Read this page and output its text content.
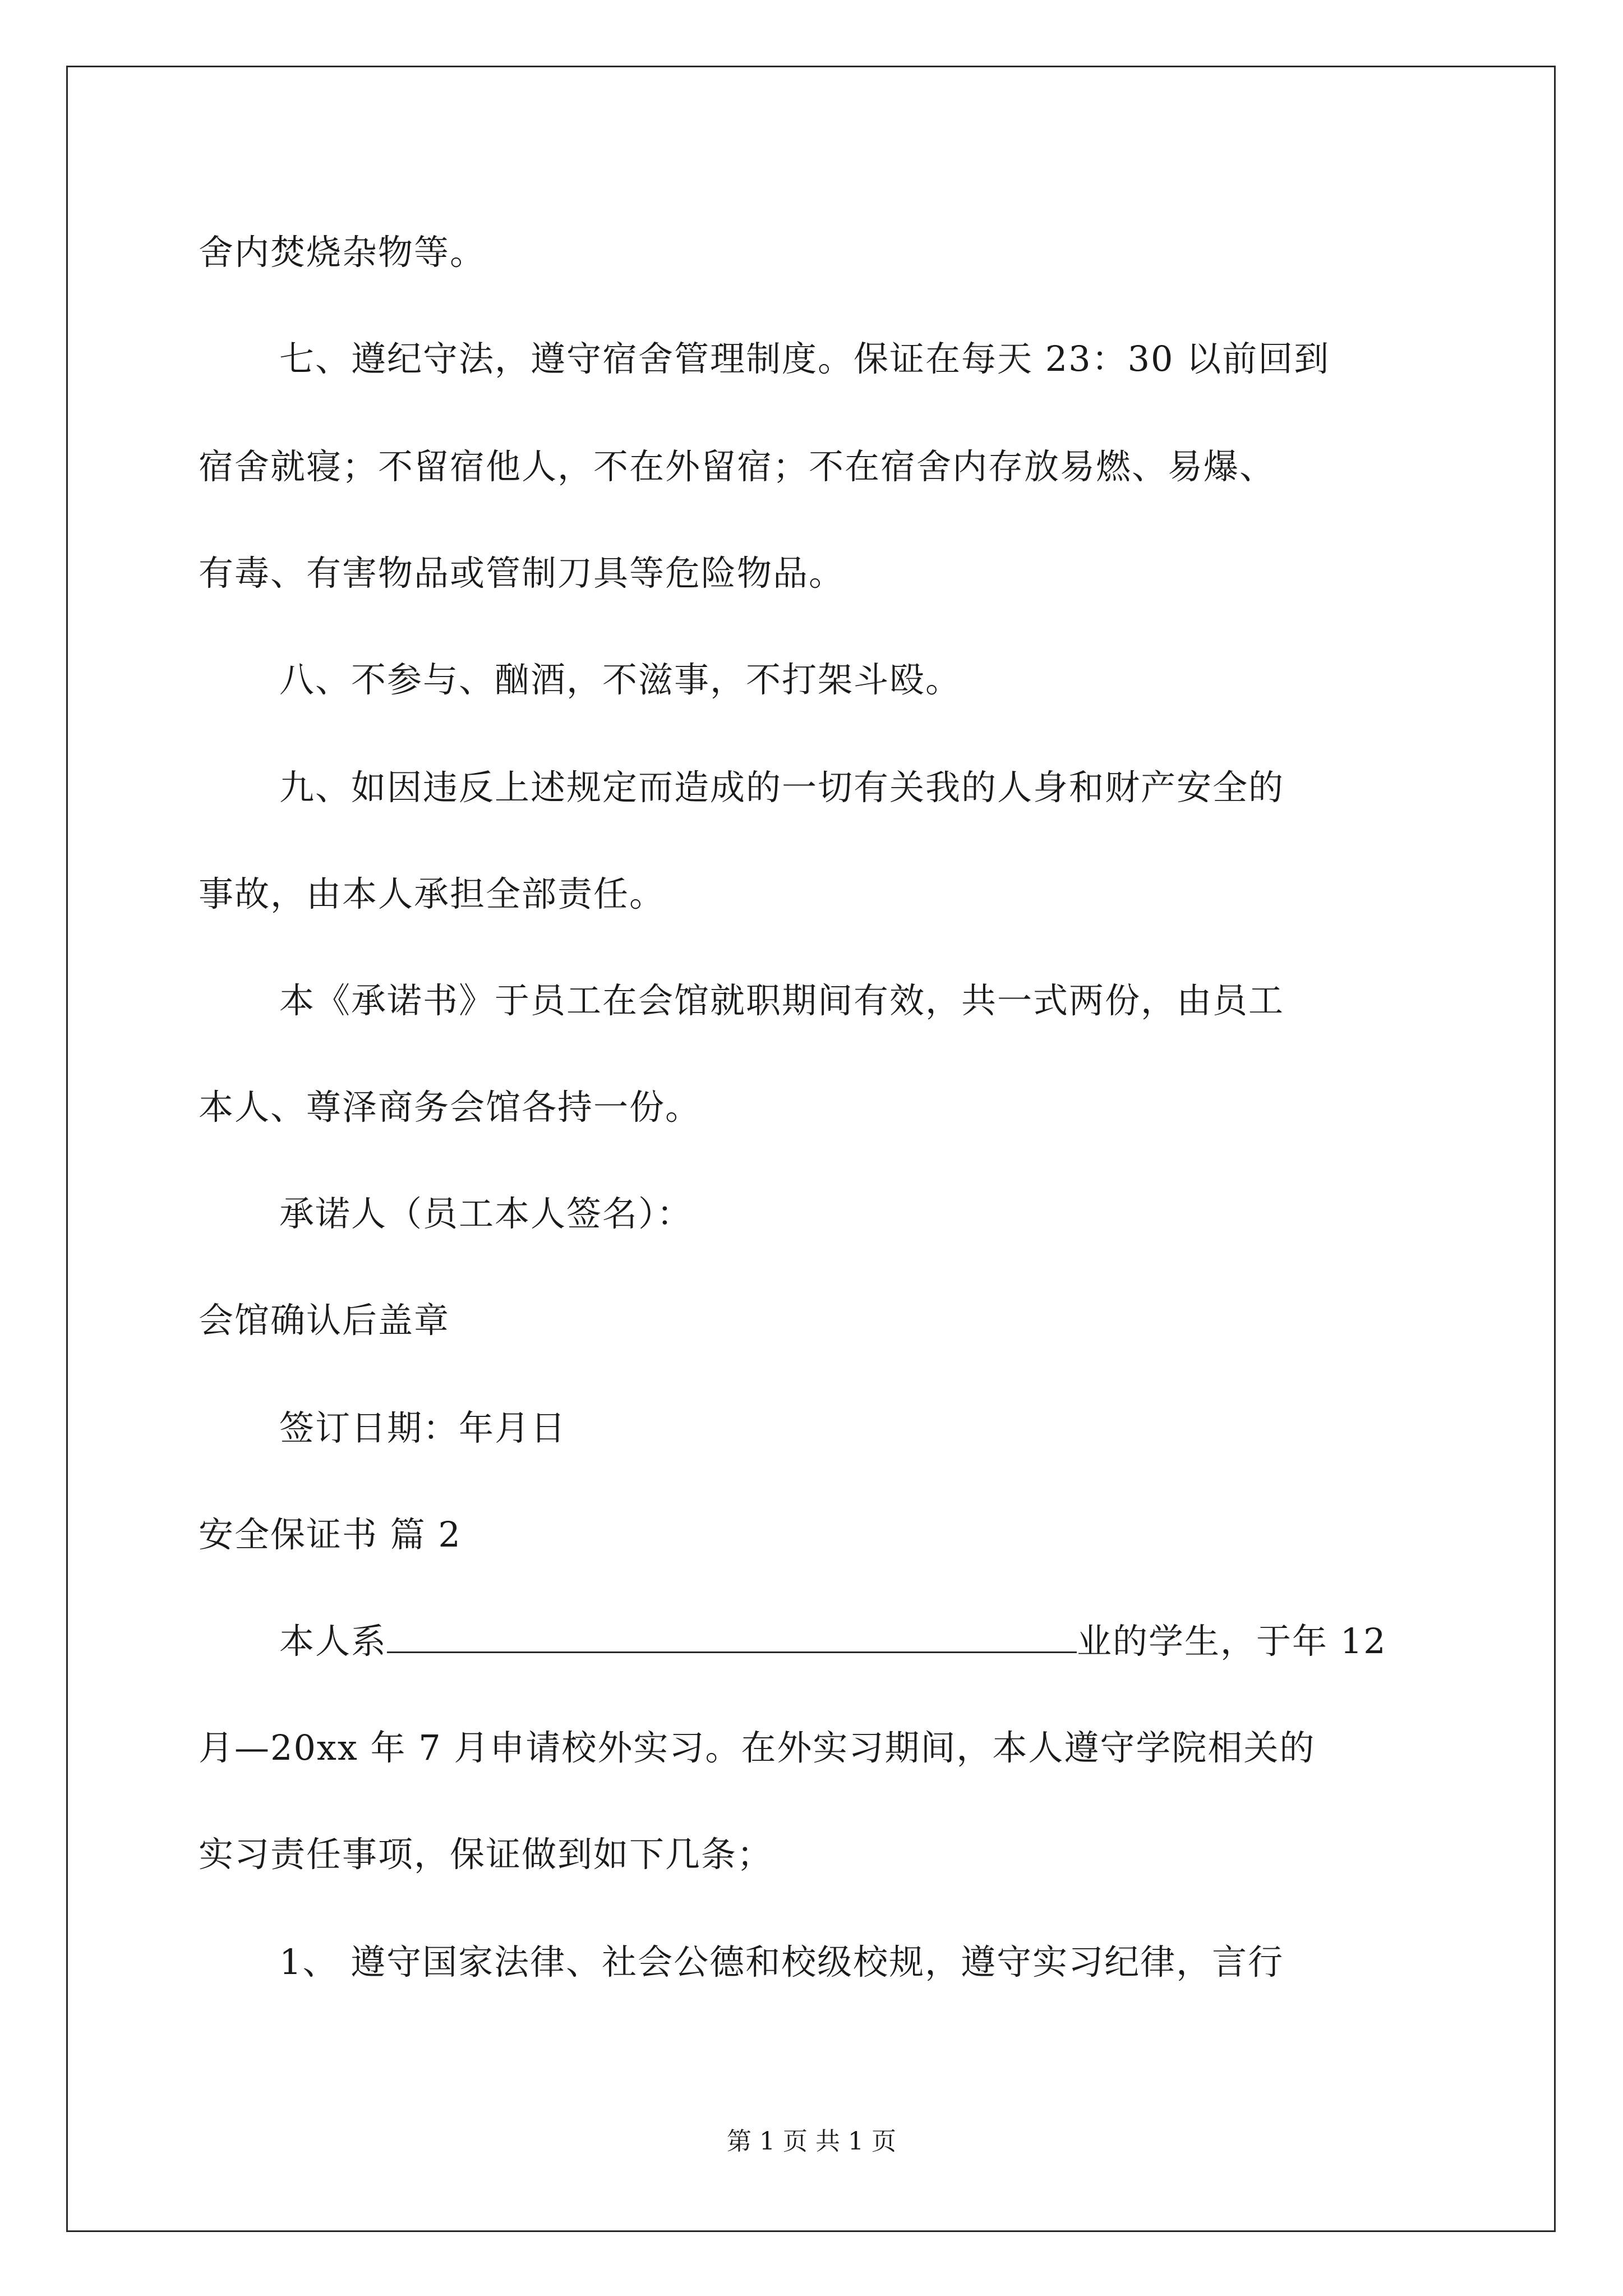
舍内焚烧杂物等。
七、遵纪守法，遵守宿舍管理制度。保证在每天 23：30 以前回到
宿舍就寝；不留宿他人，不在外留宿；不在宿舍内存放易燃、易爆、
有毒、有害物品或管制刀具等危险物品。
八、不参与、酗酒，不滋事，不打架斗殴。
九、如因违反上述规定而造成的一切有关我的人身和财产安全的
事故，由本人承担全部责任。
本《承诺书》于员工在会馆就职期间有效，共一式两份，由员工
本人、尊泽商务会馆各持一份。
承诺人（员工本人签名）：
会馆确认后盖章
签订日期：年月日
安全保证书 篇 2
本人系	业的学生，于年 12
月—20xx 年 7 月申请校外实习。在外实习期间，本人遵守学院相关的
实习责任事项，保证做到如下几条；
1、 遵守国家法律、社会公德和校级校规，遵守实习纪律，言行
第 1 页 共 1 页
